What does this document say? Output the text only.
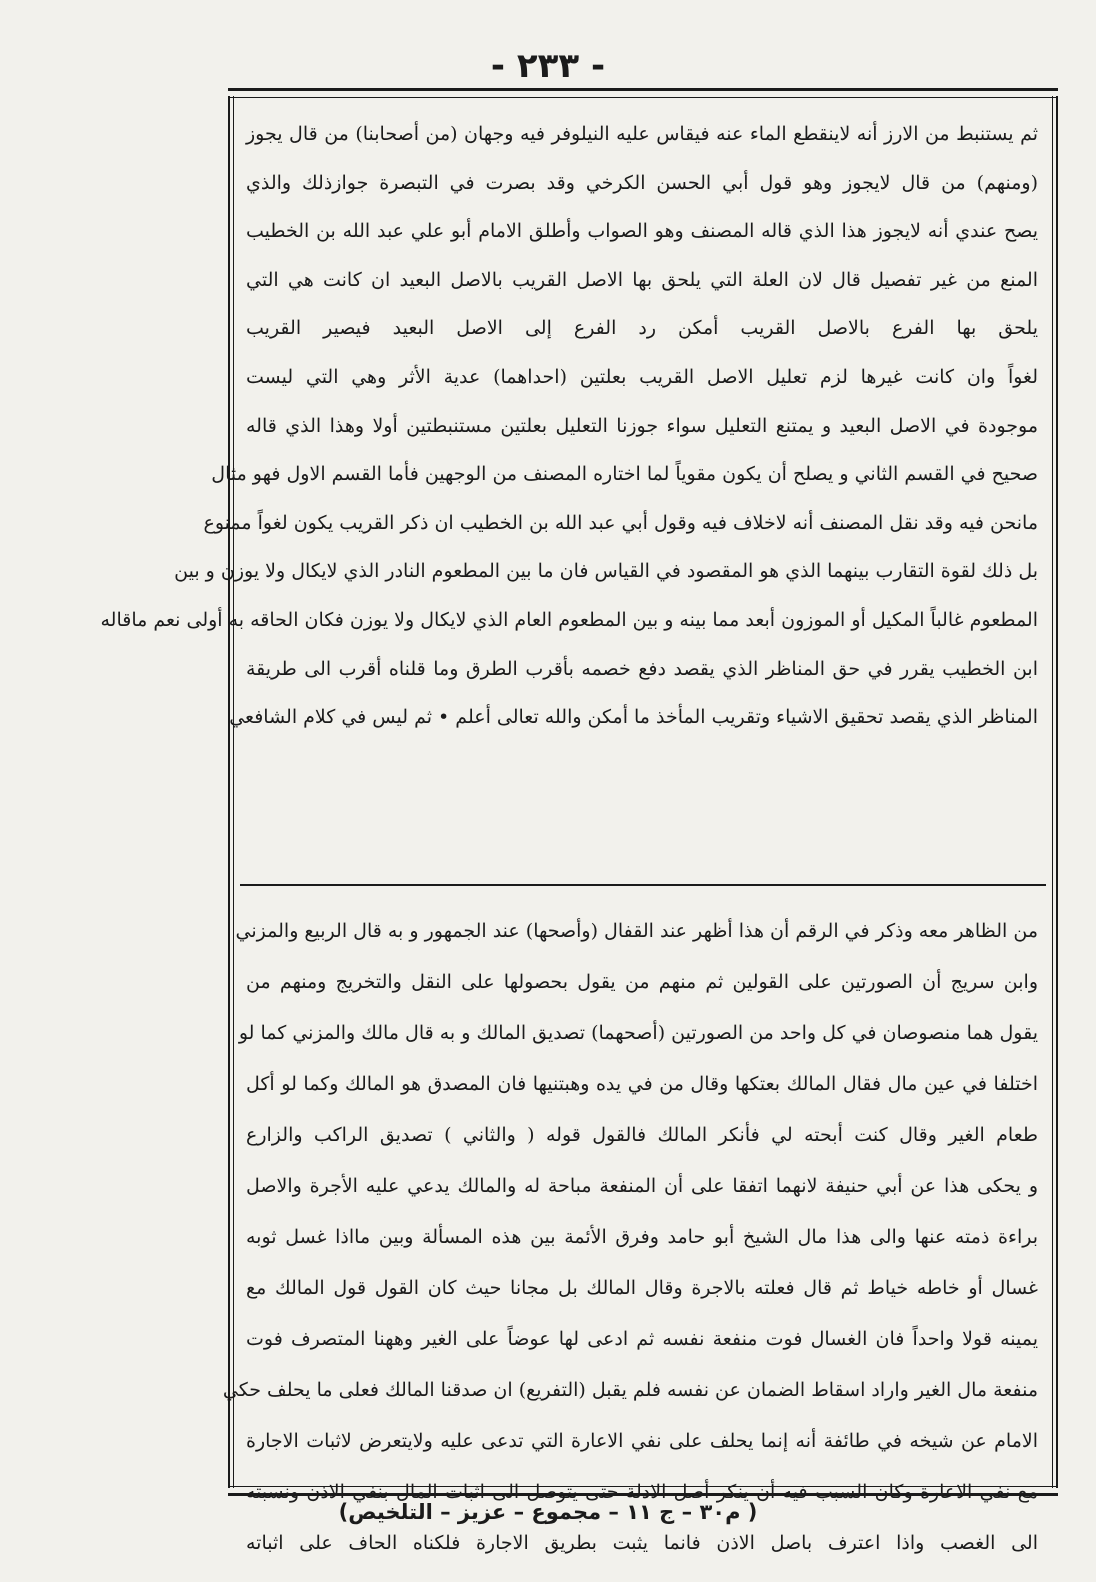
- ٢٣٣ -
ثم يستنبط من الارز أنه لاينقطع الماء عنه فيقاس عليه النيلوفر فيه وجهان (من أصحابنا) من قال يجوز
(ومنهم) من قال لايجوز وهو قول أبي الحسن الكرخي وقد بصرت في التبصرة جوازذلك والذي
يصح عندي أنه لايجوز هذا الذي قاله المصنف وهو الصواب وأطلق الامام أبو علي عبد الله بن الخطيب
المنع من غير تفصيل قال لان العلة التي يلحق بها الاصل القريب بالاصل البعيد ان كانت هي التي
يلحق بها الفرع بالاصل القريب أمكن رد الفرع إلى الاصل البعيد فيصير القريب
لغواً وان كانت غيرها لزم تعليل الاصل القريب بعلتين (احداهما) عدية الأثر وهي التي ليست
موجودة في الاصل البعيد و يمتنع التعليل سواء جوزنا التعليل بعلتين مستنبطتين أولا وهذا الذي قاله
صحيح في القسم الثاني و يصلح أن يكون مقوياً لما اختاره المصنف من الوجهين فأما القسم الاول فهو مثال
مانحن فيه وقد نقل المصنف أنه لاخلاف فيه وقول أبي عبد الله بن الخطيب ان ذكر القريب يكون لغواً ممنوع
بل ذلك لقوة التقارب بينهما الذي هو المقصود في القياس فان ما بين المطعوم النادر الذي لايكال ولا يوزن و بين
المطعوم غالباً المكيل أو الموزون أبعد مما بينه و بين المطعوم العام الذي لايكال ولا يوزن فكان الحاقه به أولى نعم ماقاله
ابن الخطيب يقرر في حق المناظر الذي يقصد دفع خصمه بأقرب الطرق وما قلناه أقرب الى طريقة
المناظر الذي يقصد تحقيق الاشياء وتقريب المأخذ ما أمكن والله تعالى أعلم • ثم ليس في كلام الشافعي
من الظاهر معه وذكر في الرقم أن هذا أظهر عند القفال (وأصحها) عند الجمهور و به قال الربيع والمزني
وابن سريج أن الصورتين على القولين ثم منهم من يقول بحصولها على النقل والتخريج ومنهم من
يقول هما منصوصان في كل واحد من الصورتين (أصحهما) تصديق المالك و به قال مالك والمزني كما لو
اختلفا في عين مال فقال المالك بعتكها وقال من في يده وهبتنيها فان المصدق هو المالك وكما لو أكل
طعام الغير وقال كنت أبحته لي فأنكر المالك فالقول قوله ( والثاني ) تصديق الراكب والزارع
و يحكى هذا عن أبي حنيفة لانهما اتفقا على أن المنفعة مباحة له والمالك يدعي عليه الأجرة والاصل
براءة ذمته عنها والى هذا مال الشيخ أبو حامد وفرق الأئمة بين هذه المسألة وبين مااذا غسل ثوبه
غسال أو خاطه خياط ثم قال فعلته بالاجرة وقال المالك بل مجانا حيث كان القول قول المالك مع
يمينه قولا واحداً فان الغسال فوت منفعة نفسه ثم ادعى لها عوضاً على الغير وههنا المتصرف فوت
منفعة مال الغير واراد اسقاط الضمان عن نفسه فلم يقبل (التفريع) ان صدقنا المالك فعلى ما يحلف حكي
الامام عن شيخه في طائفة أنه إنما يحلف على نفي الاعارة التي تدعى عليه ولايتعرض لاثبات الاجارة
مع نفي الاعارة وكان السبب فيه أن ينكر أصل الادلة حتى يتوصل الى اثبات المال بنفي الاذن ونسبته
الى الغصب واذا اعترف باصل الاذن فانما يثبت بطريق الاجارة فلكناه الحاف على اثباته
( م٣٠ – ج ١١ – مجموع – عزيز – التلخيص)
